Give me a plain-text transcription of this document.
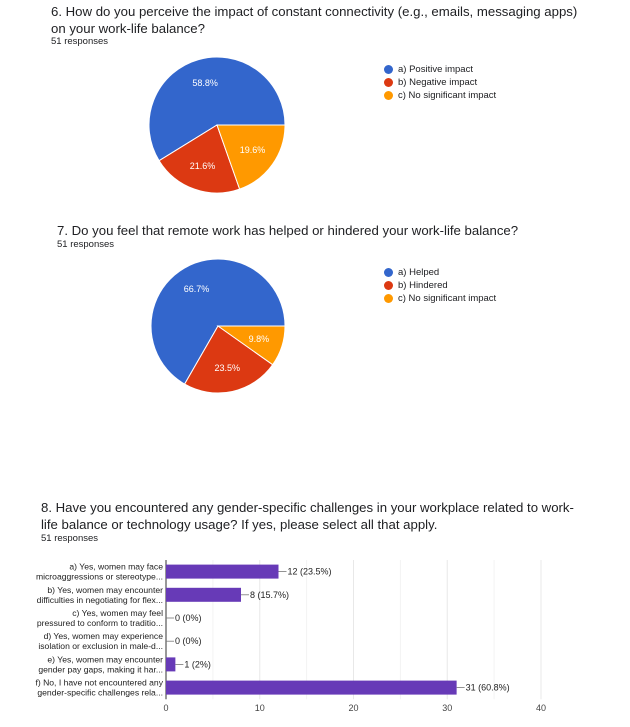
6. How do you perceive the impact of constant connectivity (e.g., emails, messaging apps) on your work-life balance?
51 responses
58.8%
21.6%
19.6%
a) Positive impact
b) Negative impact
c) No significant impact
7. Do you feel that remote work has helped or hindered your work-life balance?
51 responses
66.7%
23.5%
9.8%
a) Helped
b) Hindered
c) No significant impact
8. Have you encountered any gender-specific challenges in your workplace related to work-life balance or technology usage? If yes, please select all that apply.
51 responses
0	10	20	30	40
a) Yes, women may face
microaggressions or stereotype...	12 (23.5%)
b) Yes, women may encounter
difficulties in negotiating for flex...	8 (15.7%)
c) Yes, women may feel
pressured to conform to traditio... 0 (0%)
d) Yes, women may experience
isolation or exclusion in male-d... 0 (0%)
e) Yes, women may encounter
gender pay gaps, making it har... 1 (2%)
f) No, I have not encountered any
gender-specific challenges rela...	31 (60.8%)
